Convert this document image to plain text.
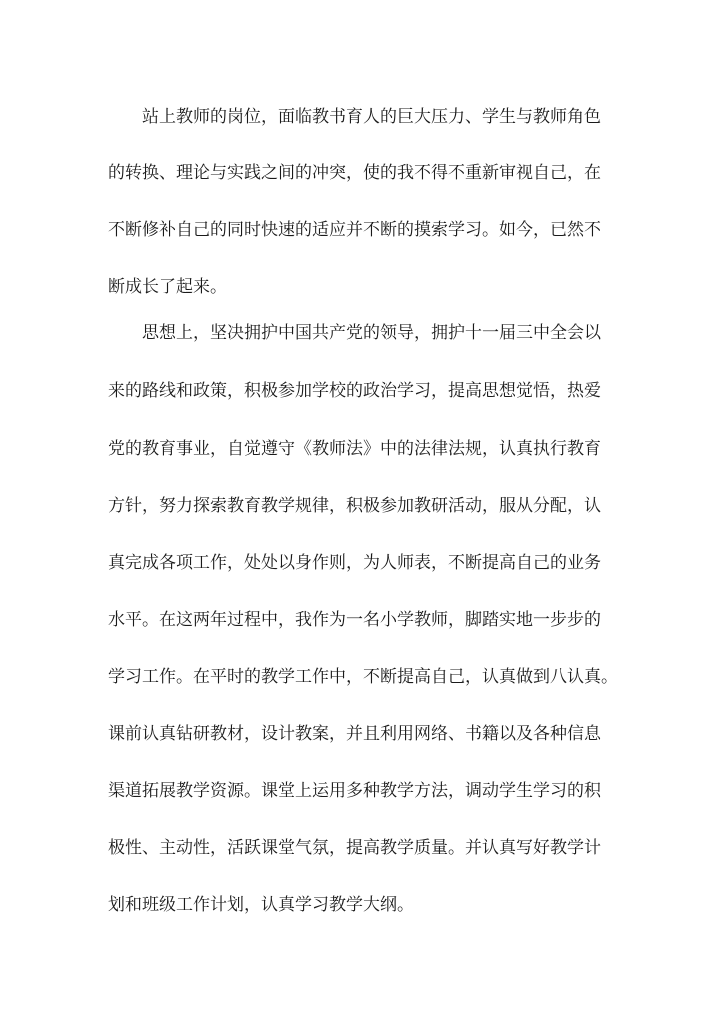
站上教师的岗位，面临教书育人的巨大压力、学生与教师角色

的转换、理论与实践之间的冲突，使的我不得不重新审视自己，在

不断修补自己的同时快速的适应并不断的摸索学习。如今，已然不

断成长了起来。

思想上，坚决拥护中国共产党的领导，拥护十一届三中全会以

来的路线和政策，积极参加学校的政治学习，提高思想觉悟，热爱

党的教育事业，自觉遵守《教师法》中的法律法规，认真执行教育

方针，努力探索教育教学规律，积极参加教研活动，服从分配，认

真完成各项工作，处处以身作则，为人师表，不断提高自己的业务

水平。在这两年过程中，我作为一名小学教师，脚踏实地一步步的

学习工作。在平时的教学工作中，不断提高自己，认真做到八认真。

课前认真钻研教材，设计教案，并且利用网络、书籍以及各种信息

渠道拓展教学资源。课堂上运用多种教学方法，调动学生学习的积

极性、主动性，活跃课堂气氛，提高教学质量。并认真写好教学计

划和班级工作计划，认真学习教学大纲。
